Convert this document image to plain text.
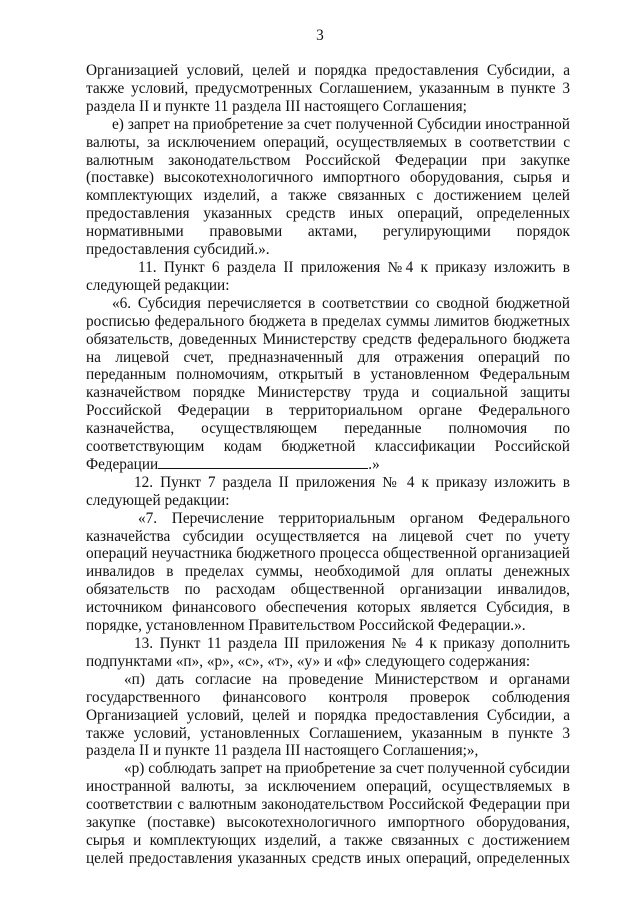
3

Организацией условий, целей и порядка предоставления Субсидии, а также условий, предусмотренных Соглашением, указанным в пункте 3 раздела II и пункте 11 раздела III настоящего Соглашения;

е) запрет на приобретение за счет полученной Субсидии иностранной валюты, за исключением операций, осуществляемых в соответствии с валютным законодательством Российской Федерации при закупке (поставке) высокотехнологичного импортного оборудования, сырья и комплектующих изделий, а также связанных с достижением целей предоставления указанных средств иных операций, определенных нормативными правовыми актами, регулирующими порядок предоставления субсидий.».

11. Пункт 6 раздела II приложения №4 к приказу изложить в следующей редакции:

«6. Субсидия перечисляется в соответствии со сводной бюджетной росписью федерального бюджета в пределах суммы лимитов бюджетных обязательств, доведенных Министерству средств федерального бюджета на лицевой счет, предназначенный для отражения операций по переданным полномочиям, открытый в установленном Федеральным казначейством порядке Министерству труда и социальной защиты Российской Федерации в территориальном органе Федерального казначейства, осуществляющем переданные полномочия по соответствующим кодам бюджетной классификации Российской

Федерации	.»

12. Пункт 7 раздела II приложения № 4 к приказу изложить в следующей редакции:

«7. Перечисление территориальным органом Федерального казначейства субсидии осуществляется на лицевой счет по учету операций неучастника бюджетного процесса общественной организацией инвалидов в пределах суммы, необходимой для оплаты денежных обязательств по расходам общественной организации инвалидов, источником финансового обеспечения которых является Субсидия, в порядке, установленном Правительством Российской Федерации.».

13. Пункт 11 раздела III приложения № 4 к приказу дополнить подпунктами «п», «р», «с», «т», «у» и «ф» следующего содержания:

«п) дать согласие на проведение Министерством и органами государственного финансового контроля проверок соблюдения Организацией условий, целей и порядка предоставления Субсидии, а также условий, установленных Соглашением, указанным в пункте 3 раздела II и пункте 11 раздела III настоящего Соглашения;»,

«р) соблюдать запрет на приобретение за счет полученной субсидии иностранной валюты, за исключением операций, осуществляемых в соответствии с валютным законодательством Российской Федерации при закупке (поставке) высокотехнологичного импортного оборудования, сырья и комплектующих изделий, а также связанных с достижением целей предоставления указанных средств иных операций, определенных
